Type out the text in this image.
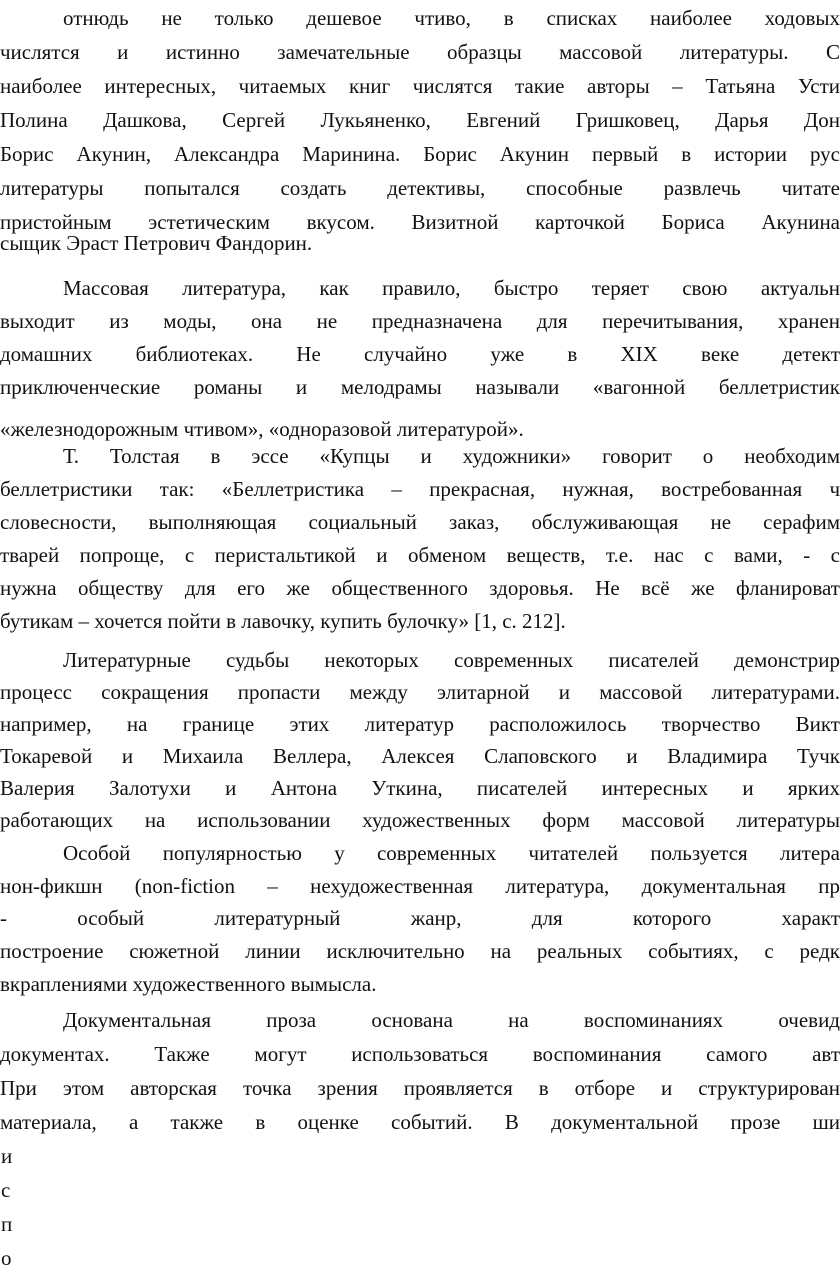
отнюдь не только дешевое чтиво, в списках наиболее ходовых
числятся и истинно замечательные образцы массовой литературы. С
наиболее интересных, читаемых книг числятся такие авторы – Татьяна Усти
Полина Дашкова, Сергей Лукьяненко, Евгений Гришковец, Дарья Дон
Борис Акунин, Александра Маринина. Борис Акунин первый в истории рус
литературы попытался создать детективы, способные развлечь читате
пристойным эстетическим вкусом. Визитной карточкой Бориса Акунина
сыщик Эраст Петрович Фандорин.
Массовая литература, как правило, быстро теряет свою актуальн
выходит из моды, она не предназначена для перечитывания, хранен
домашних библиотеках. Не случайно уже в XIX веке детект
приключенческие романы и мелодрамы называли «вагонной беллетристик
«железнодорожным чтивом», «одноразовой литературой».
Т. Толстая в эссе «Купцы и художники» говорит о необходим
беллетристики так: «Беллетристика – прекрасная, нужная, востребованная ч
словесности, выполняющая социальный заказ, обслуживающая не серафим
тварей попроще, с перистальтикой и обменом веществ, т.е. нас с вами, - с
нужна обществу для его же общественного здоровья. Не всё же фланироват
бутикам – хочется пойти в лавочку, купить булочку» [1, с. 212].
Литературные судьбы некоторых современных писателей демонстрир
процесс сокращения пропасти между элитарной и массовой литературами.
например, на границе этих литератур расположилось творчество Викт
Токаревой и Михаила Веллера, Алексея Слаповского и Владимира Тучк
Валерия Залотухи и Антона Уткина, писателей интересных и ярких
работающих на использовании художественных форм массовой литературы
Особой популярностью у современных читателей пользуется литера
нон-фикшн (non-fiction – нехудожественная литература, документальная пр
- особый литературный жанр, для которого характ
построение сюжетной линии исключительно на реальных событиях, с редк
вкраплениями художественного вымысла.
Документальная проза основана на воспоминаниях очевид
документах. Также могут использоваться воспоминания самого авт
При этом авторская точка зрения проявляется в отборе и структурирован
материала, а также в оценке событий. В документальной прозе ши
и
с
п
о
